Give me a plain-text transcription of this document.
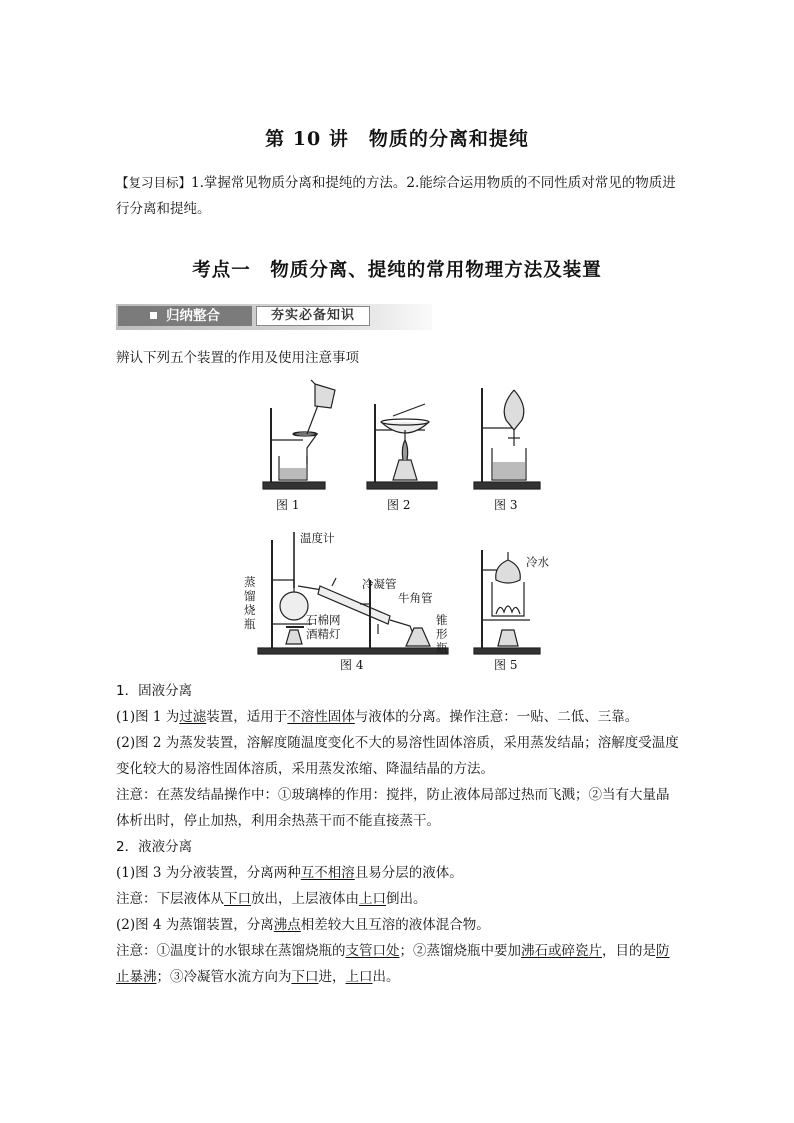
第 10 讲　物质的分离和提纯
【复习目标】1.掌握常见物质分离和提纯的方法。2.能综合运用物质的不同性质对常见的物质进行分离和提纯。
考点一　物质分离、提纯的常用物理方法及装置
归纳整合	夯实必备知识
辨认下列五个装置的作用及使用注意事项
图 1	图 2	图 3
温度计
蒸
馏
烧
瓶
冷凝管
牛角管
石棉网
酒精灯
锥
形
瓶
图 4
冷水
图 5

1．固液分离

(1)图 1 为过滤装置，适用于不溶性固体与液体的分离。操作注意：一贴、二低、三靠。

(2)图 2 为蒸发装置，溶解度随温度变化不大的易溶性固体溶质，采用蒸发结晶；溶解度受温度变化较大的易溶性固体溶质，采用蒸发浓缩、降温结晶的方法。

注意：在蒸发结晶操作中：①玻璃棒的作用：搅拌，防止液体局部过热而飞溅；②当有大量晶体析出时，停止加热，利用余热蒸干而不能直接蒸干。

2．液液分离

(1)图 3 为分液装置，分离两种互不相溶且易分层的液体。

注意：下层液体从下口放出，上层液体由上口倒出。

(2)图 4 为蒸馏装置，分离沸点相差较大且互溶的液体混合物。

注意：①温度计的水银球在蒸馏烧瓶的支管口处；②蒸馏烧瓶中要加沸石或碎瓷片，目的是防止暴沸；③冷凝管水流方向为下口进，上口出。
